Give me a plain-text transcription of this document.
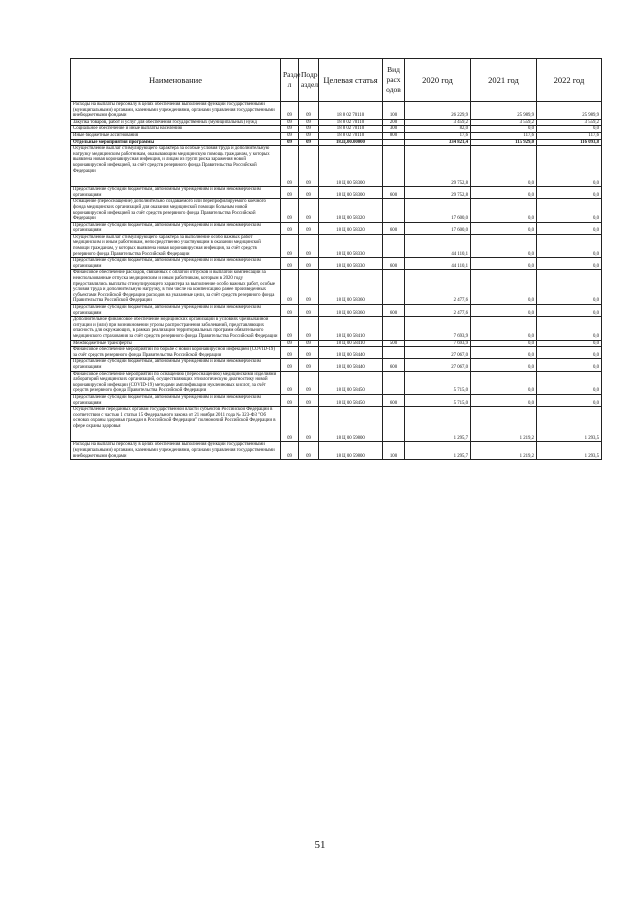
Наименование	Разде л	Подр аздел	Целевая статья	Вид расх одов	2020 год	2021 год	2022 год
Расходы на выплаты персоналу в целях обеспечения выполнения функций государственными (муниципальными) органами, казенными учреждениями, органами управления государственными внебюджетными фондами	09	09	18 8 02 70110	100	26 229,9	25 989,9	25 989,9
Закупка товаров, работ и услуг для обеспечения государственных (муниципальных) нужд	09	09	18 8 02 70110	200	3 459,2	3 559,2	3 559,2
Социальное обеспечение и иные выплаты населению	09	09	18 8 02 70110	300	82,0	0,0	0,0
Иные бюджетные ассигнования	09	09	18 8 02 70110	800	17,6	117,6	117,6
Отдельные мероприятия программы	09	09	18.Ц.00.00000		334 821,4	115 929,0	116 093,8
Осуществление выплат стимулирующего характера за особые условия труда и дополнительную нагрузку медицинским работникам, оказывающим медицинскую помощь гражданам, у которых выявлена новая коронавирусная инфекция, и лицам из групп риска заражения новой коронавирусной инфекцией, за счёт средств резервного фонда Правительства Российской Федерации	09	09	18 Ц 00 58300		29 752,8	0,0	0,0
Предоставление субсидий бюджетным, автономным учреждениям и иным некоммерческим организациям	09	09	18 Ц 00 58300	600	29 752,8	0,0	0,0
Оснащение (переоснащение) дополнительно создаваемого или перепрофилируемого коечного фонда медицинских организаций для оказания медицинской помощи больным новой коронавирусной инфекцией за счёт средств резервного фонда Правительства Российской Федерации	09	09	18 Ц 00 58320		17 600,0	0,0	0,0
Предоставление субсидий бюджетным, автономным учреждениям и иным некоммерческим организациям	09	09	18 Ц 00 58320	600	17 600,0	0,0	0,0
Осуществление выплат стимулирующего характера за выполнение особо важных работ медицинским и иным работникам, непосредственно участвующим в оказании медицинской помощи гражданам, у которых выявлена новая коронавирусная инфекция, за счёт средств резервного фонда Правительства Российской Федерации	09	09	18 Ц 00 58330		44 110,1	0,0	0,0
Предоставление субсидий бюджетным, автономным учреждениям и иным некоммерческим организациям	09	09	18 Ц 00 58330	600	44 110,1	0,0	0,0
Финансовое обеспечение расходов, связанных с оплатой отпусков и выплатой компенсации за неиспользованные отпуска медицинским и иным работникам, которым в 2020 году предоставлялись выплаты стимулирующего характера за выполнение особо важных работ, особые условия труда и дополнительную нагрузку, в том числе на компенсацию ранее произведенных субъектами Российской Федерации расходов на указанные цели, за счёт средств резервного фонда Правительства Российской Федерации	09	09	18 Ц 00 58360		2 477,6	0,0	0,0
Предоставление субсидий бюджетным, автономным учреждениям и иным некоммерческим организациям	09	09	18 Ц 00 58360	600	2 477,6	0,0	0,0
Дополнительное финансовое обеспечение медицинских организаций в условиях чрезвычайной ситуации и (или) при возникновении угрозы распространения заболеваний, представляющих опасность для окружающих, в рамках реализации территориальных программ обязательного медицинского страхования за счёт средств резервного фонда Правительства Российской Федерации	09	09	18 Ц 00 58410		7 693,9	0,0	0,0
Межбюджетные трансферты	09	09	18 Ц 00 58410	500	7 693,9	0,0	0,0
Финансовое обеспечение мероприятий по борьбе с новой коронавирусной инфекцией (COVID-19) за счёт средств резервного фонда Правительства Российской Федерации	09	09	18 Ц 00 58440		27 067,0	0,0	0,0
Предоставление субсидий бюджетным, автономным учреждениям и иным некоммерческим организациям	09	09	18 Ц 00 58440	600	27 067,0	0,0	0,0
Финансовое обеспечение мероприятий по оснащению (переоснащению) медицинскими изделиями лабораторий медицинских организаций, осуществляющих этиологическую диагностику новой коронавирусной инфекции (COVID-19) методами амплификации нуклеиновых кислот, за счёт средств резервного фонда Правительства Российской Федерации	09	09	18 Ц 00 58450		5 715,0	0,0	0,0
Предоставление субсидий бюджетным, автономным учреждениям и иным некоммерческим организациям	09	09	18 Ц 00 58450	600	5 715,0	0,0	0,0
Осуществление переданных органам государственной власти субъектов Российской Федерации в соответствии с частью 1 статьи 15 Федерального закона от 21 ноября 2011 года № 323-ФЗ "Об основах охраны здоровья граждан в Российской Федерации" полномочий Российской Федерации в сфере охраны здоровья	09	09	18 Ц 00 59800		1 295,7	1 219,2	1 293,5
Расходы на выплаты персоналу в целях обеспечения выполнения функций государственными (муниципальными) органами, казенными учреждениями, органами управления государственными внебюджетными фондами	09	09	18 Ц 00 59800	100	1 295,7	1 219,2	1 293,5
51
